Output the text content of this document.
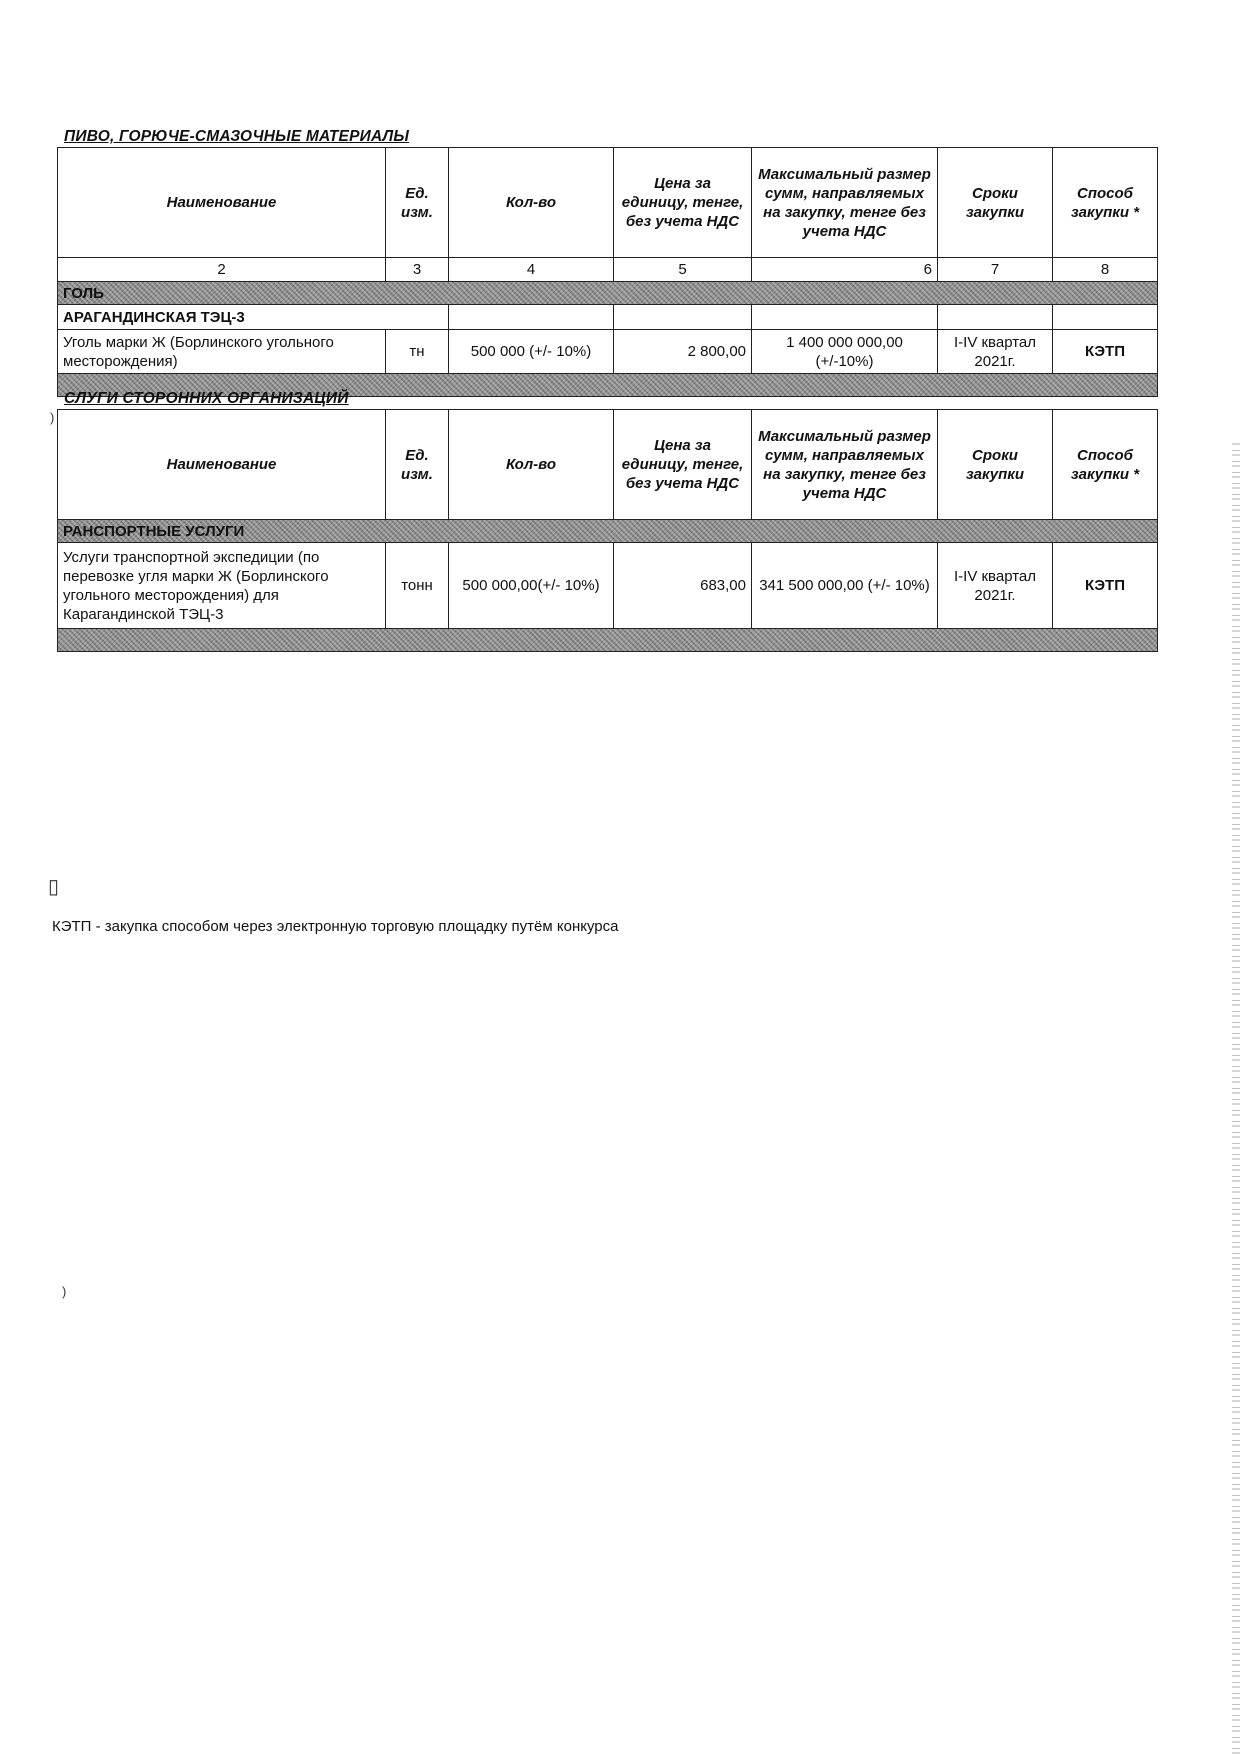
ПИВО, ГОРЮЧЕ-СМАЗОЧНЫЕ МАТЕРИАЛЫ
Наименование	Ед. изм.	Кол-во	Цена за единицу, тенге, без учета НДС	Максимальный размер сумм, направляемых на закупку, тенге без учета НДС	Сроки закупки	Способ закупки *
2	3	4	5	6	7	8
ГОЛЬ						
АРАГАНДИНСКАЯ ТЭЦ-3						
Уголь марки Ж (Борлинского угольного месторождения)	тн	500 000 (+/- 10%)	2 800,00	1 400 000 000,00 (+/-10%)	I-IV квартал 2021г.	КЭТП

СЛУГИ СТОРОННИХ ОРГАНИЗАЦИЙ
Наименование	Ед. изм.	Кол-во	Цена за единицу, тенге, без учета НДС	Максимальный размер сумм, направляемых на закупку, тенге без учета НДС	Сроки закупки	Способ закупки *
РАНСПОРТНЫЕ УСЛУГИ						
Услуги транспортной экспедиции (по перевозке угля марки Ж (Борлинского угольного месторождения) для Карагандинской ТЭЦ-3	тонн	500 000,00(+/- 10%)	683,00	341 500 000,00 (+/- 10%)	I-IV квартал 2021г.	КЭТП

КЭТП - закупка способом через электронную торговую площадку путём конкурса
)
▯
)
